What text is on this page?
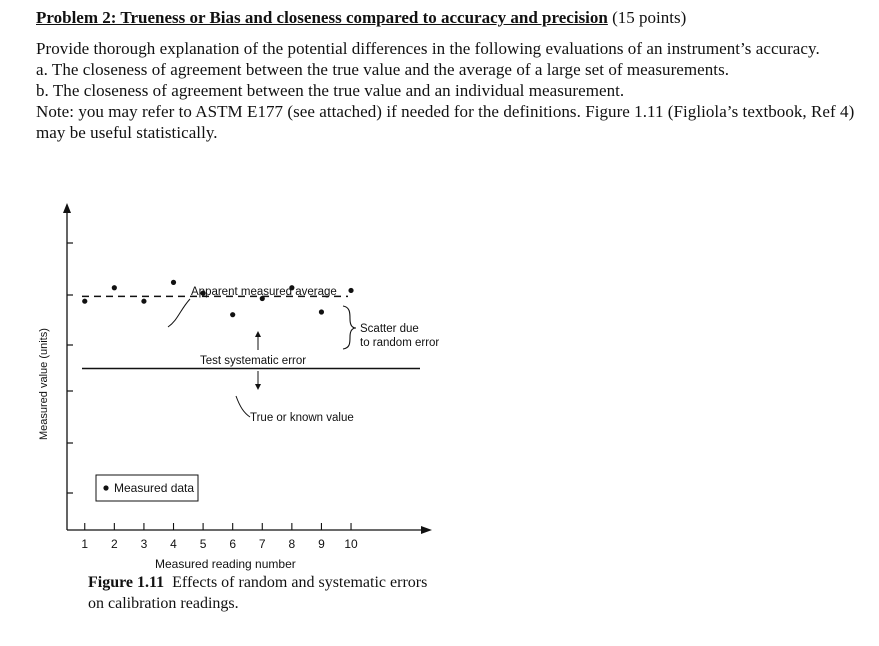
Problem 2: Trueness or Bias and closeness compared to accuracy and precision (15 points)

Provide thorough explanation of the potential differences in the following evaluations of an instrument’s accuracy.

a. The closeness of agreement between the true value and the average of a large set of measurements.

b. The closeness of agreement between the true value and an individual measurement.

Note: you may refer to ASTM E177 (see attached) if needed for the definitions. Figure 1.11 (Figliola’s textbook, Ref 4) may be useful statistically.

Measured value (units)
1 2 3 4 5 6 7 8 9 10
Measured reading number
Apparent measured average
Scatter due
to random error
Test systematic error
True or known value
Measured data
Figure 1.11 Effects of random and systematic errors on calibration readings.
